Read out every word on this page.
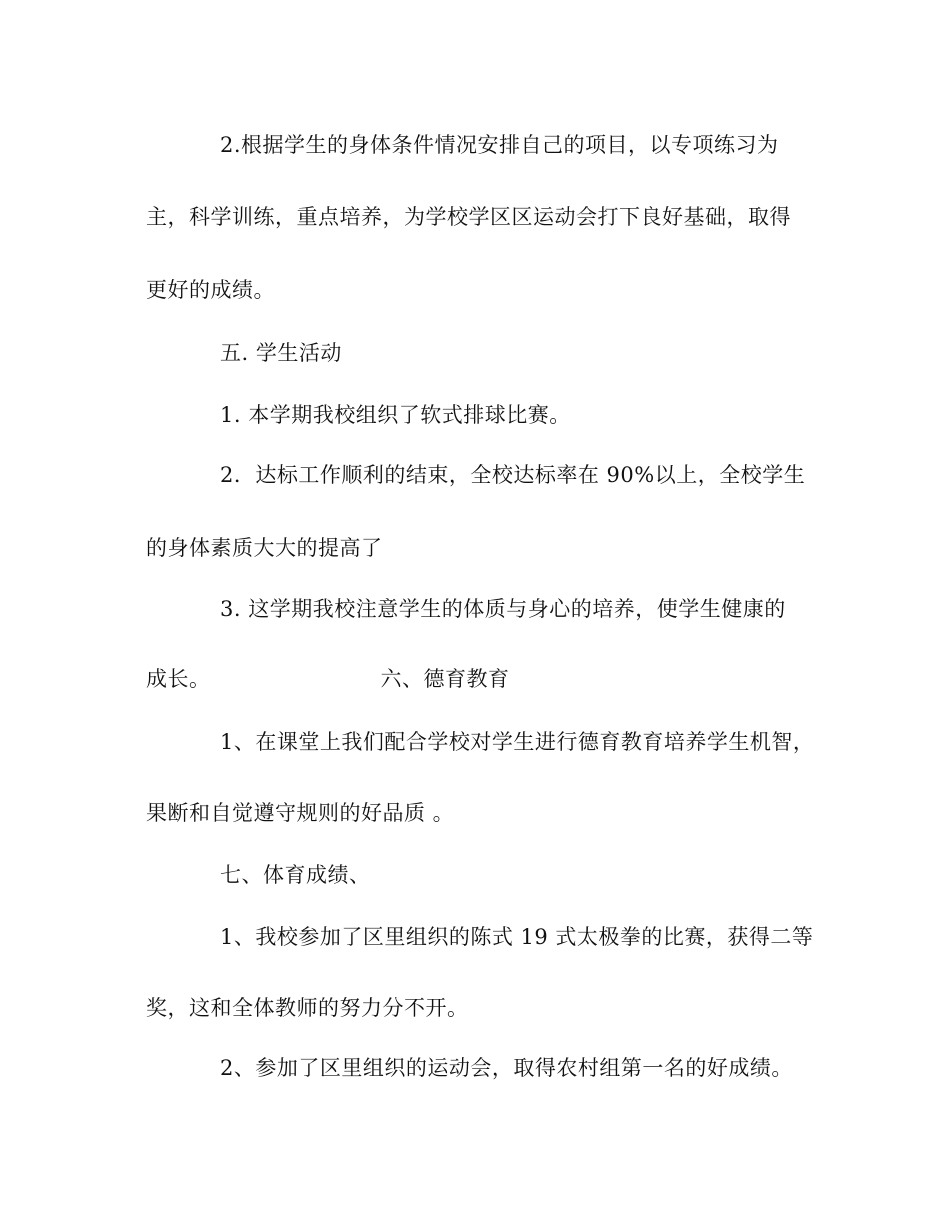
2.根据学生的身体条件情况安排自己的项目，以专项练习为
主，科学训练，重点培养，为学校学区区运动会打下良好基础，取得
更好的成绩。
五. 学生活动
1. 本学期我校组织了软式排球比赛。
2．达标工作顺利的结束，全校达标率在 90%以上，全校学生
的身体素质大大的提高了
3. 这学期我校注意学生的体质与身心的培养，使学生健康的
成长。	六、德育教育
1、在课堂上我们配合学校对学生进行德育教育培养学生机智，
果断和自觉遵守规则的好品质 。
七、体育成绩、
1、我校参加了区里组织的陈式 19 式太极拳的比赛，获得二等
奖，这和全体教师的努力分不开。
2、参加了区里组织的运动会，取得农村组第一名的好成绩。
